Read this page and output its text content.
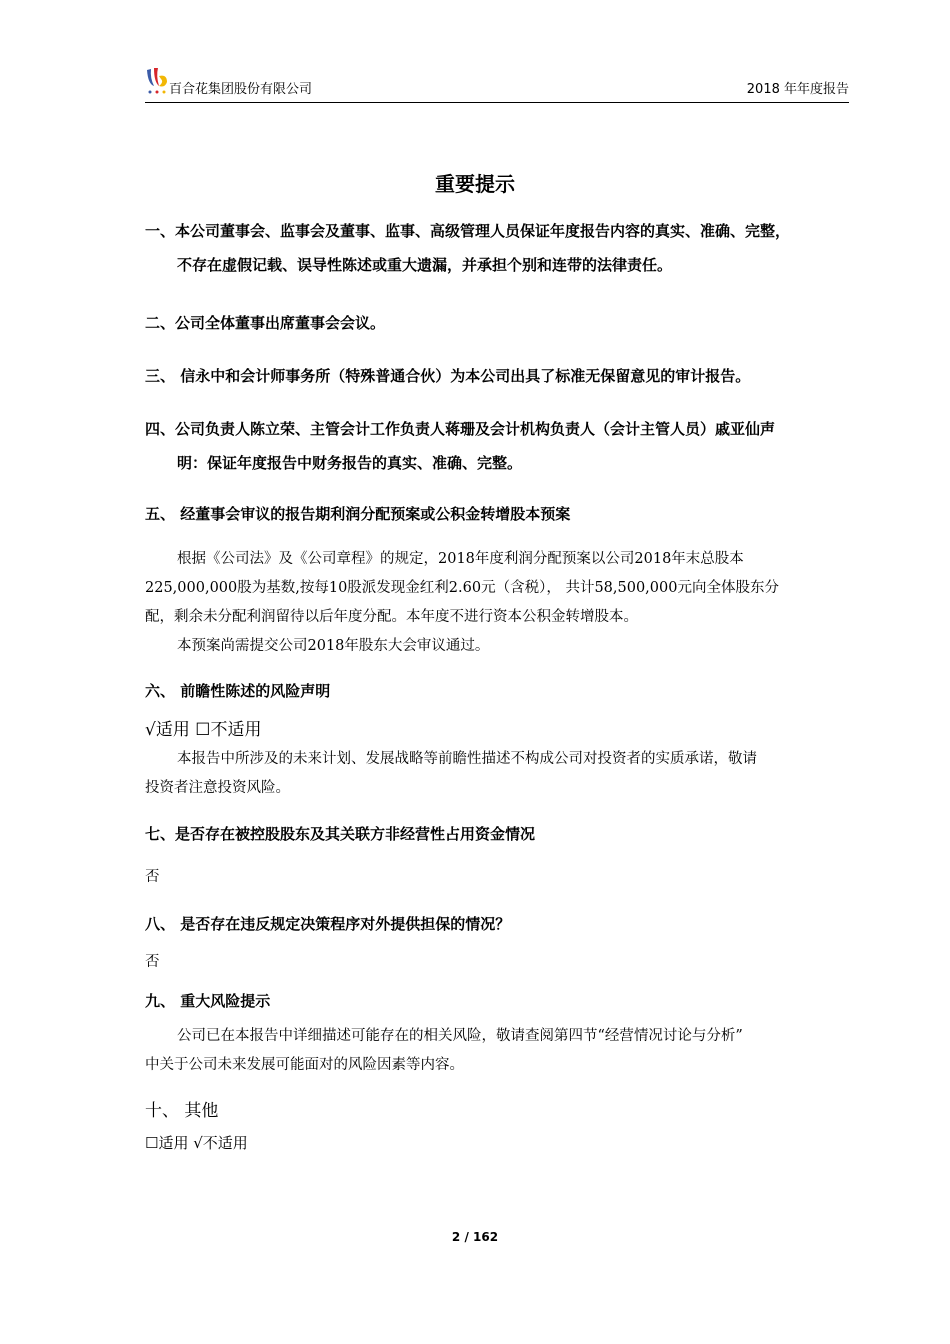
百合花集团股份有限公司	2018 年年度报告
重要提示
一、本公司董事会、监事会及董事、监事、高级管理人员保证年度报告内容的真实、准确、完整，
不存在虚假记载、误导性陈述或重大遗漏，并承担个别和连带的法律责任。
二、公司全体董事出席董事会会议。
三、 信永中和会计师事务所（特殊普通合伙）为本公司出具了标准无保留意见的审计报告。
四、公司负责人陈立荣、主管会计工作负责人蒋珊及会计机构负责人（会计主管人员）戚亚仙声
明：保证年度报告中财务报告的真实、准确、完整。
五、 经董事会审议的报告期利润分配预案或公积金转增股本预案
根据《公司法》及《公司章程》的规定，2018年度利润分配预案以公司2018年末总股本
225,000,000股为基数,按每10股派发现金红利2.60元（含税）， 共计58,500,000元向全体股东分
配，剩余未分配利润留待以后年度分配。本年度不进行资本公积金转增股本。
本预案尚需提交公司2018年股东大会审议通过。
六、 前瞻性陈述的风险声明
√适用 ☐不适用
本报告中所涉及的未来计划、发展战略等前瞻性描述不构成公司对投资者的实质承诺，敬请
投资者注意投资风险。
七、是否存在被控股股东及其关联方非经营性占用资金情况
否
八、 是否存在违反规定决策程序对外提供担保的情况？
否
九、 重大风险提示
公司已在本报告中详细描述可能存在的相关风险，敬请查阅第四节“经营情况讨论与分析”
中关于公司未来发展可能面对的风险因素等内容。
十、 其他
☐适用 √不适用
2 / 162
